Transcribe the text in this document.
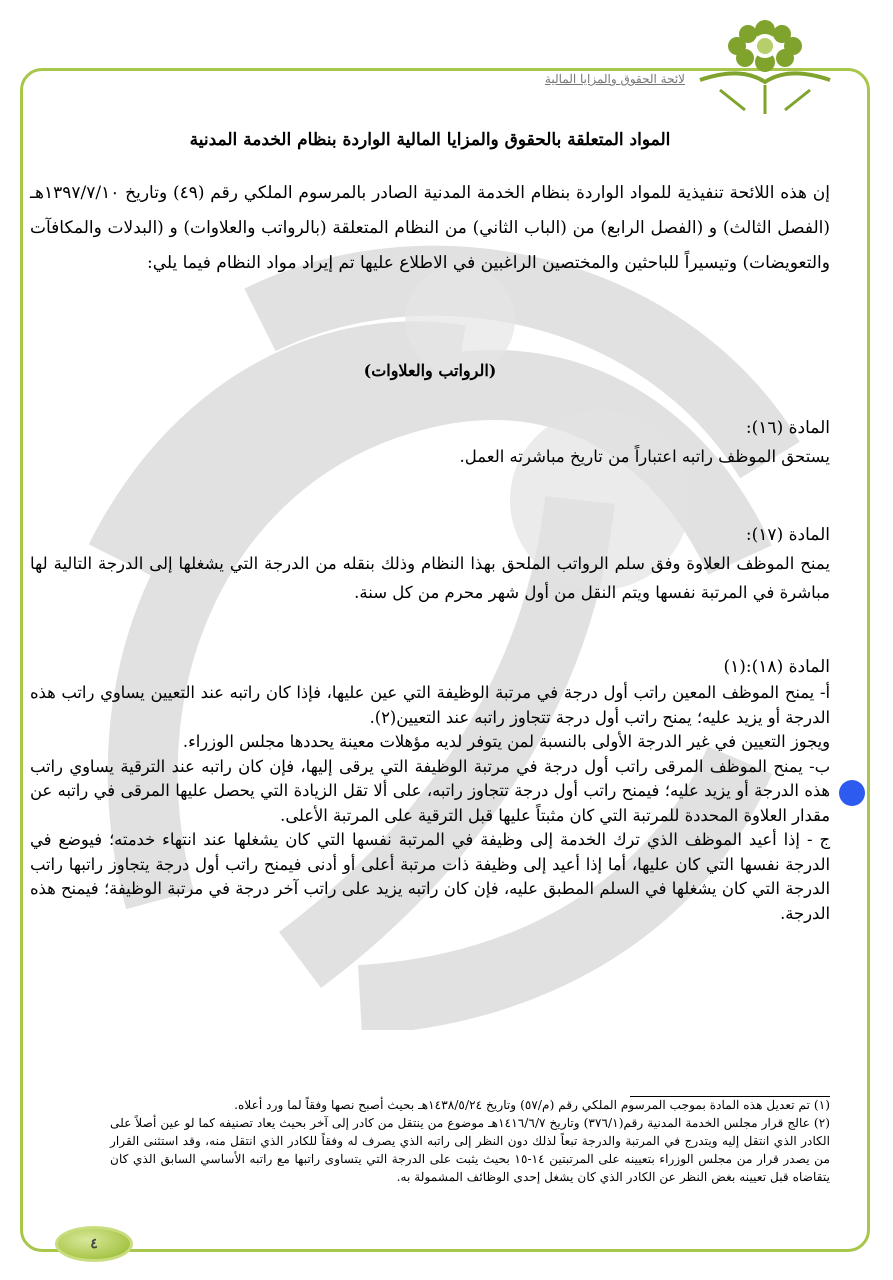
لائحة الحقوق والمزايا المالية
المواد المتعلقة بالحقوق والمزايا المالية الواردة بنظام الخدمة المدنية

إن هذه اللائحة تنفيذية للمواد الواردة بنظام الخدمة المدنية الصادر بالمرسوم الملكي رقم (٤٩) وتاريخ ١٣٩٧/٧/١٠هـ (الفصل الثالث) و (الفصل الرابع) من (الباب الثاني) من النظام المتعلقة (بالرواتب والعلاوات) و (البدلات والمكافآت والتعويضات) وتيسيراً للباحثين والمختصين الراغبين في الاطلاع عليها تم إيراد مواد النظام فيما يلي:

(الرواتب والعلاوات)
المادة (١٦):

يستحق الموظف راتبه اعتباراً من تاريخ مباشرته العمل.

المادة (١٧):

يمنح الموظف العلاوة وفق سلم الرواتب الملحق بهذا النظام وذلك بنقله من الدرجة التي يشغلها إلى الدرجة التالية لها مباشرة في المرتبة نفسها ويتم النقل من أول شهر محرم من كل سنة.

المادة (١٨):(١)
أ- يمنح الموظف المعين راتب أول درجة في مرتبة الوظيفة التي عين عليها، فإذا كان راتبه عند التعيين يساوي راتب هذه الدرجة أو يزيد عليه؛ يمنح راتب أول درجة تتجاوز راتبه عند التعيين(٢).
ويجوز التعيين في غير الدرجة الأولى بالنسبة لمن يتوفر لديه مؤهلات معينة يحددها مجلس الوزراء.
ب- يمنح الموظف المرقى راتب أول درجة في مرتبة الوظيفة التي يرقى إليها، فإن كان راتبه عند الترقية يساوي راتب هذه الدرجة أو يزيد عليه؛ فيمنح راتب أول درجة تتجاوز راتبه، على ألا تقل الزيادة التي يحصل عليها المرقى في راتبه عن مقدار العلاوة المحددة للمرتبة التي كان مثبتاً عليها قبل الترقية على المرتبة الأعلى.
ج - إذا أعيد الموظف الذي ترك الخدمة إلى وظيفة في المرتبة نفسها التي كان يشغلها عند انتهاء خدمته؛ فيوضع في الدرجة نفسها التي كان عليها، أما إذا أعيد إلى وظيفة ذات مرتبة أعلى أو أدنى فيمنح راتب أول درجة يتجاوز راتبها راتب الدرجة التي كان يشغلها في السلم المطبق عليه، فإن كان راتبه يزيد على راتب آخر درجة في مرتبة الوظيفة؛ فيمنح هذه الدرجة.

(١) تم تعديل هذه المادة بموجب المرسوم الملكي رقم (م/٥٧) وتاريخ ١٤٣٨/٥/٢٤هـ بحيث أصبح نصها وفقاً لما ورد أعلاه.

(٢) عالج قرار مجلس الخدمة المدنية رقم(٣٧٦/١) وتاريخ ١٤١٦/٦/٧هـ موضوع من ينتقل من كادر إلى آخر بحيث يعاد تصنيفه كما لو عين أصلاً على الكادر الذي انتقل إليه ويتدرج في المرتبة والدرجة تبعاً لذلك دون النظر إلى راتبه الذي يصرف له وفقاً للكادر الذي انتقل منه، وقد استثنى القرار من يصدر قرار من مجلس الوزراء بتعيينه على المرتبتين ١٤-١٥ بحيث يثبت على الدرجة التي يتساوى راتبها مع راتبه الأساسي السابق الذي كان يتقاضاه قبل تعيينه بغض النظر عن الكادر الذي كان يشغل إحدى الوظائف المشمولة به.

٤
